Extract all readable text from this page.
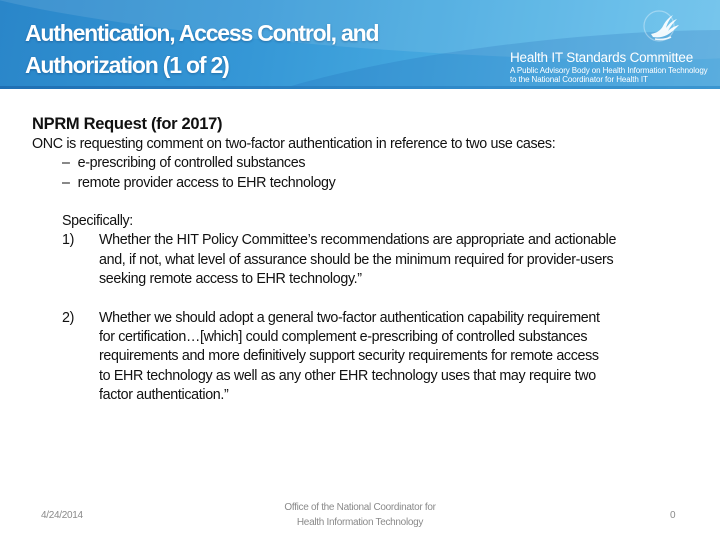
Authentication, Access Control, and
Authorization (1 of 2)	Health IT Standards Committee
A Public Advisory Body on Health Information Technology
to the National Coordinator for Health IT
NPRM Request (for 2017)
ONC is requesting comment on two-factor authentication in reference to two use cases:
– e-prescribing of controlled substances
– remote provider access to EHR technology
Specifically:
1) Whether the HIT Policy Committee’s recommendations are appropriate and actionable
and, if not, what level of assurance should be the minimum required for provider-users
seeking remote access to EHR technology.”
2) Whether we should adopt a general two-factor authentication capability requirement
for certification…[which] could complement e-prescribing of controlled substances
requirements and more definitively support security requirements for remote access
to EHR technology as well as any other EHR technology uses that may require two
factor authentication.”
4/24/2014
Office of the National Coordinator for
Health Information Technology
0
